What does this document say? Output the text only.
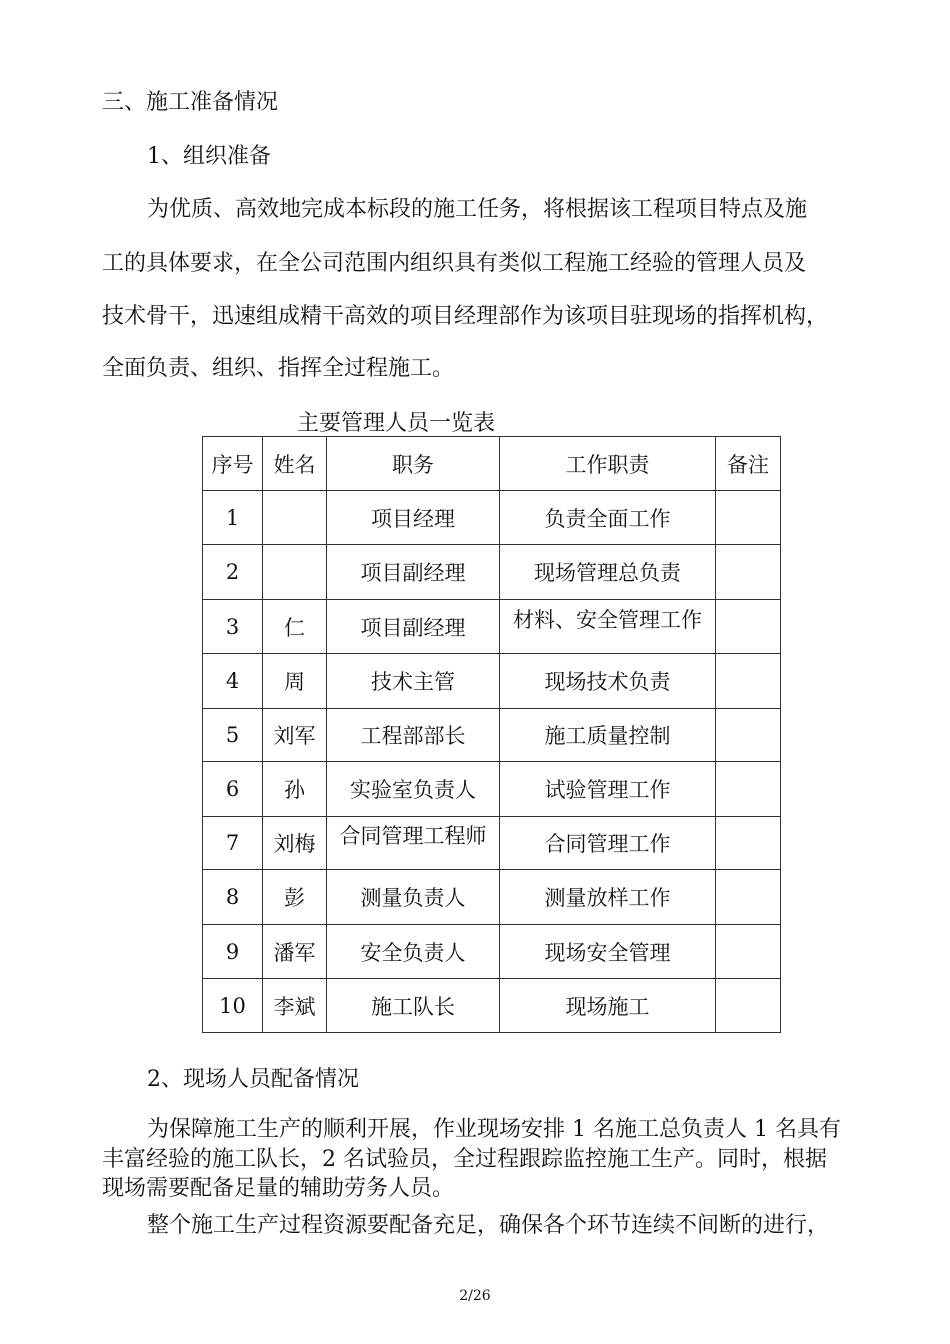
三、施工准备情况
1、组织准备
为优质、高效地完成本标段的施工任务，将根据该工程项目特点及施
工的具体要求，在全公司范围内组织具有类似工程施工经验的管理人员及
技术骨干，迅速组成精干高效的项目经理部作为该项目驻现场的指挥机构，
全面负责、组织、指挥全过程施工。
主要管理人员一览表
序号	姓名	职务	工作职责	备注
1		项目经理	负责全面工作	
2		项目副经理	现场管理总负责	
3	仁	项目副经理	材料、安全管理工作	

4	周	技术主管	现场技术负责	
5	刘军	工程部部长	施工质量控制	
6	孙	实验室负责人	试验管理工作	
7	刘梅	合同管理工程师	合同管理工作	
8	彭	测量负责人	测量放样工作	
9	潘军	安全负责人	现场安全管理	
10	李斌	施工队长	现场施工	
2、现场人员配备情况
为保障施工生产的顺利开展，作业现场安排 1 名施工总负责人 1 名具有
丰富经验的施工队长，2 名试验员，全过程跟踪监控施工生产。同时，根据
现场需要配备足量的辅助劳务人员。
整个施工生产过程资源要配备充足，确保各个环节连续不间断的进行，
2/26
